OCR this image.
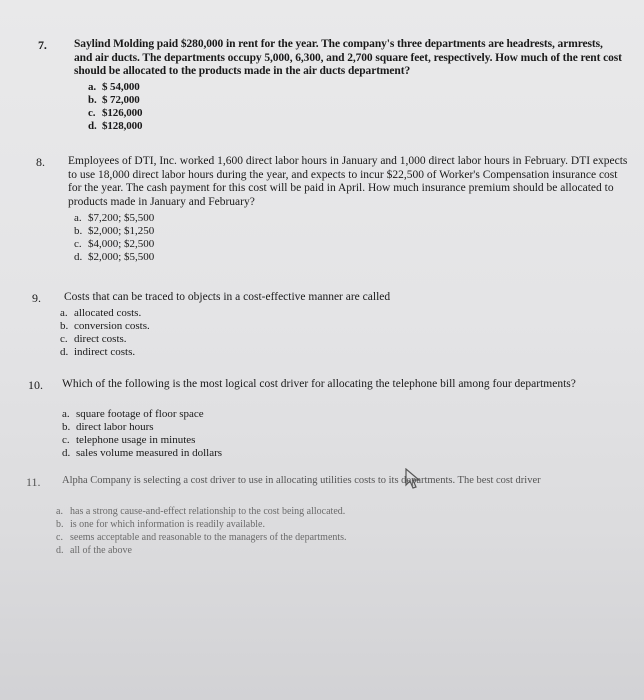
7. Saylind Molding paid $280,000 in rent for the year. The company's three departments are headrests, armrests, and air ducts. The departments occupy 5,000, 6,300, and 2,700 square feet, respectively. How much of the rent cost should be allocated to the products made in the air ducts department?
a. $ 54,000
b. $ 72,000
c. $126,000
d. $128,000
8. Employees of DTI, Inc. worked 1,600 direct labor hours in January and 1,000 direct labor hours in February. DTI expects to use 18,000 direct labor hours during the year, and expects to incur $22,500 of Worker's Compensation insurance cost for the year. The cash payment for this cost will be paid in April. How much insurance premium should be allocated to products made in January and February?
a. $7,200; $5,500
b. $2,000; $1,250
c. $4,000; $2,500
d. $2,000; $5,500
9. Costs that can be traced to objects in a cost-effective manner are called
a. allocated costs.
b. conversion costs.
c. direct costs.
d. indirect costs.
10. Which of the following is the most logical cost driver for allocating the telephone bill among four departments?
a. square footage of floor space
b. direct labor hours
c. telephone usage in minutes
d. sales volume measured in dollars
11. Alpha Company is selecting a cost driver to use in allocating utilities costs to its departments. The best cost driver
a. has a strong cause-and-effect relationship to the cost being allocated.
b. is one for which information is readily available.
c. seems acceptable and reasonable to the managers of the departments.
d. all of the above
